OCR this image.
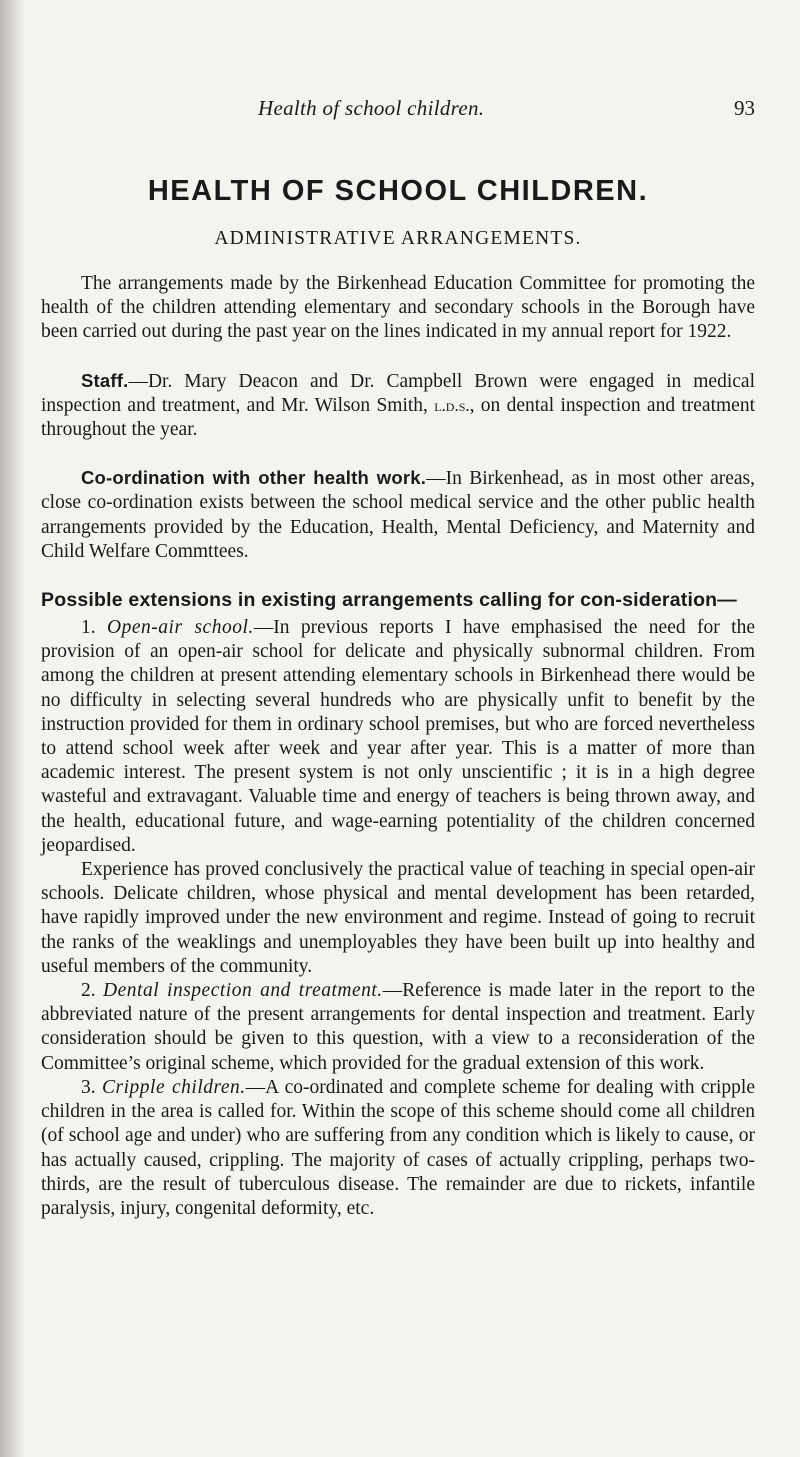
Health of school children.	93
HEALTH OF SCHOOL CHILDREN.
ADMINISTRATIVE ARRANGEMENTS.

The arrangements made by the Birkenhead Education Committee for promoting the health of the children attending elementary and secondary schools in the Borough have been carried out during the past year on the lines indicated in my annual report for 1922.

Staff.—Dr. Mary Deacon and Dr. Campbell Brown were engaged in medical inspection and treatment, and Mr. Wilson Smith, l.d.s., on dental inspection and treatment throughout the year.

Co-ordination with other health work.—In Birkenhead, as in most other areas, close co-ordination exists between the school medical service and the other public health arrangements provided by the Education, Health, Mental Deficiency, and Maternity and Child Welfare Commttees.

Possible extensions in existing arrangements calling for con-sideration—

1. Open-air school.—In previous reports I have emphasised the need for the provision of an open-air school for delicate and physically subnormal children. From among the children at present attending elementary schools in Birkenhead there would be no difficulty in selecting several hundreds who are physically unfit to benefit by the instruction provided for them in ordinary school premises, but who are forced nevertheless to attend school week after week and year after year. This is a matter of more than academic interest. The present system is not only unscientific ; it is in a high degree wasteful and extravagant. Valuable time and energy of teachers is being thrown away, and the health, educational future, and wage-earning potentiality of the children concerned jeopardised.

Experience has proved conclusively the practical value of teaching in special open-air schools. Delicate children, whose physical and mental development has been retarded, have rapidly improved under the new environment and regime. Instead of going to recruit the ranks of the weaklings and unemployables they have been built up into healthy and useful members of the community.

2. Dental inspection and treatment.—Reference is made later in the report to the abbreviated nature of the present arrangements for dental inspection and treatment. Early consideration should be given to this question, with a view to a reconsideration of the Committee’s original scheme, which provided for the gradual extension of this work.

3. Cripple children.—A co-ordinated and complete scheme for dealing with cripple children in the area is called for. Within the scope of this scheme should come all children (of school age and under) who are suffering from any condition which is likely to cause, or has actually caused, crippling. The majority of cases of actually crippling, perhaps two-thirds, are the result of tuberculous disease. The remainder are due to rickets, infantile paralysis, injury, congenital deformity, etc.
